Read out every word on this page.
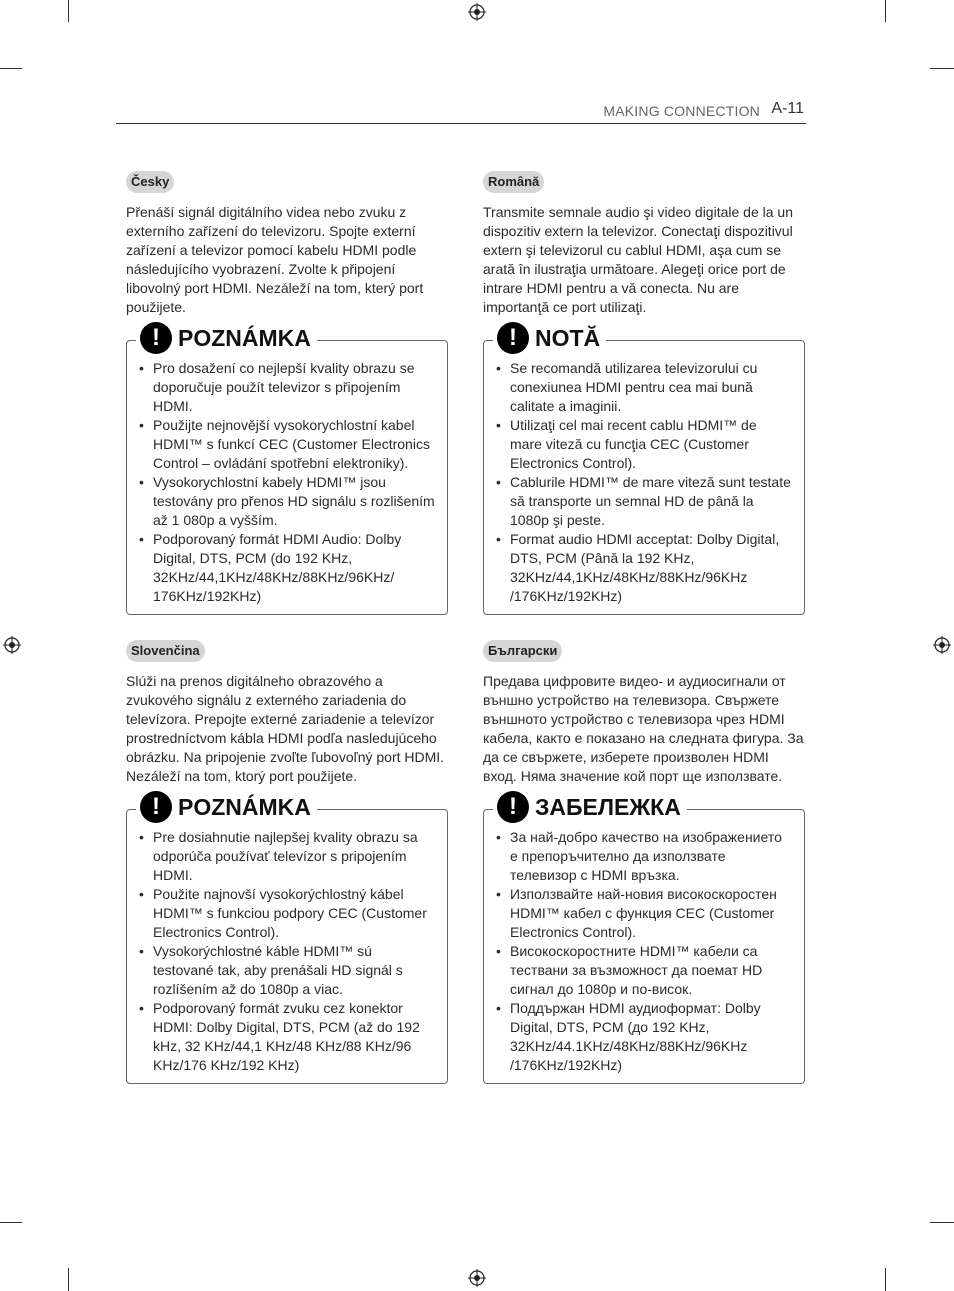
MAKING CONNECTION A-11
Česky

Přenáší signál digitálního videa nebo zvuku z externího zařízení do televizoru. Spojte externí zařízení a televizor pomocí kabelu HDMI podle následujícího vyobrazení. Zvolte k připojení libovolný port HDMI. Nezáleží na tom, který port použijete.

• Pro dosažení co nejlepší kvality obrazu se doporučuje použít televizor s připojením HDMI.
• Použijte nejnovější vysokorychlostní kabel HDMI™ s funkcí CEC (Customer Electronics Control – ovládání spotřební elektroniky).
• Vysokorychlostní kabely HDMI™ jsou testovány pro přenos HD signálu s rozlišením až 1 080p a vyšším.
• Podporovaný formát HDMI Audio: Dolby Digital, DTS, PCM (do 192 KHz, 32KHz/44,1KHz/48KHz/88KHz/96KHz/ 176KHz/192KHz)
! POZNÁMKA
Slovenčina

Slúži na prenos digitálneho obrazového a zvukového signálu z externého zariadenia do televízora. Prepojte externé zariadenie a televízor prostredníctvom kábla HDMI podľa nasledujúceho obrázku. Na pripojenie zvoľte ľubovoľný port HDMI. Nezáleží na tom, ktorý port použijete.

• Pre dosiahnutie najlepšej kvality obrazu sa odporúča používať televízor s pripojením HDMI.
• Použite najnovší vysokorýchlostný kábel HDMI™ s funkciou podpory CEC (Customer Electronics Control).
• Vysokorýchlostné káble HDMI™ sú testované tak, aby prenášali HD signál s rozlíšením až do 1080p a viac.
• Podporovaný formát zvuku cez konektor HDMI: Dolby Digital, DTS, PCM (až do 192 kHz, 32 KHz/44,1 KHz/48 KHz/88 KHz/96 KHz/176 KHz/192 KHz)
! POZNÁMKA
Română

Transmite semnale audio şi video digitale de la un dispozitiv extern la televizor. Conectaţi dispozitivul extern şi televizorul cu cablul HDMI, aşa cum se arată în ilustraţia următoare. Alegeţi orice port de intrare HDMI pentru a vă conecta. Nu are importanţă ce port utilizaţi.

• Se recomandă utilizarea televizorului cu conexiunea HDMI pentru cea mai bună calitate a imaginii.
• Utilizaţi cel mai recent cablu HDMI™ de mare viteză cu funcţia CEC (Customer Electronics Control).
• Cablurile HDMI™ de mare viteză sunt testate să transporte un semnal HD de până la 1080p şi peste.
• Format audio HDMI acceptat: Dolby Digital, DTS, PCM (Până la 192 KHz, 32KHz/44,1KHz/48KHz/88KHz/96KHz /176KHz/192KHz)
! NOTĂ
Български

Предава цифровите видео- и аудиосигнали от външно устройство на телевизора. Свържете външното устройство с телевизора чрез HDMI кабела, както е показано на следната фигура. За да се свържете, изберете произволен HDMI вход. Няма значение кой порт ще използвате.

• За най-добро качество на изображението е препоръчително да използвате телевизор с HDMI връзка.
• Използвайте най-новия високоскоростен HDMI™ кабел с функция CEC (Customer Electronics Control).
• Високоскоростните HDMI™ кабели са тествани за възможност да поемат HD сигнал до 1080p и по-висок.
• Поддържан HDMI аудиоформат: Dolby Digital, DTS, PCM (до 192 KHz, 32KHz/44.1KHz/48KHz/88KHz/96KHz /176KHz/192KHz)
! ЗАБЕЛЕЖКА
